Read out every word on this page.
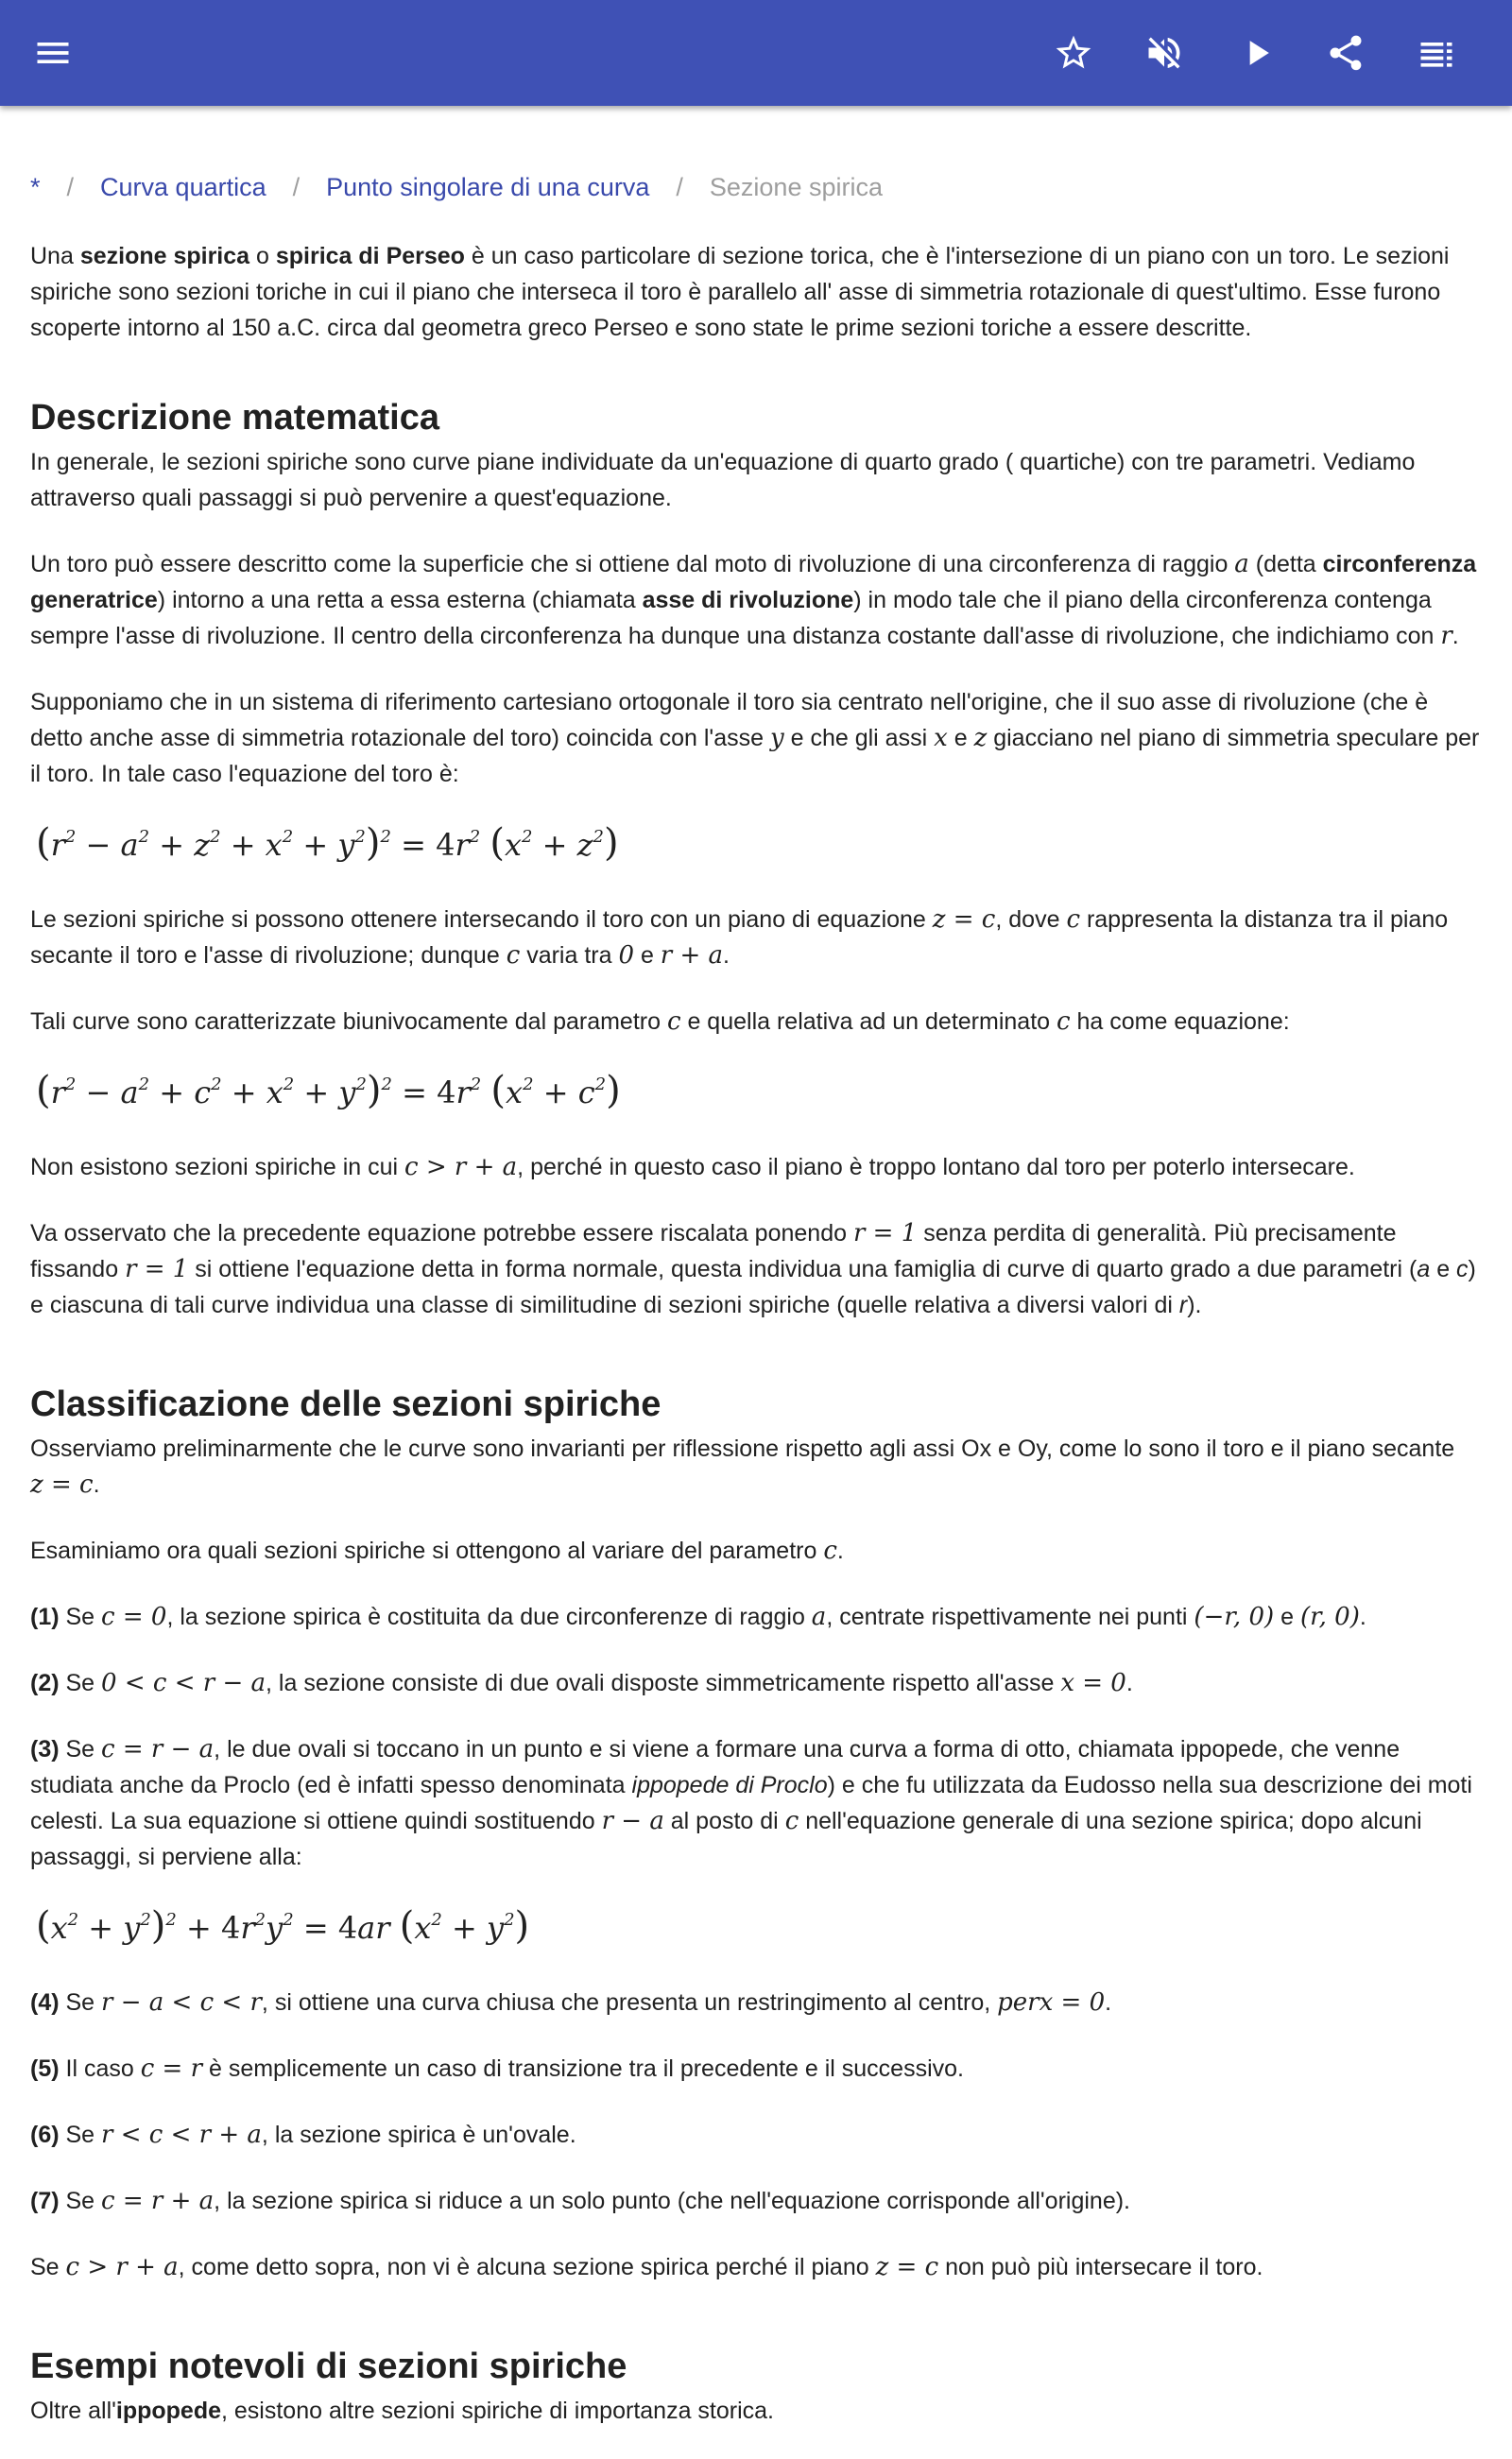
* / Curva quartica / Punto singolare di una curva / Sezione spirica

Una sezione spirica o spirica di Perseo è un caso particolare di sezione torica, che è l'intersezione di un piano con un toro. Le sezioni spiriche sono sezioni toriche in cui il piano che interseca il toro è parallelo all' asse di simmetria rotazionale di quest'ultimo. Esse furono scoperte intorno al 150 a.C. circa dal geometra greco Perseo e sono state le prime sezioni toriche a essere descritte.

Descrizione matematica

In generale, le sezioni spiriche sono curve piane individuate da un'equazione di quarto grado ( quartiche) con tre parametri. Vediamo attraverso quali passaggi si può pervenire a quest'equazione.

Un toro può essere descritto come la superficie che si ottiene dal moto di rivoluzione di una circonferenza di raggio a (detta circonferenza generatrice) intorno a una retta a essa esterna (chiamata asse di rivoluzione) in modo tale che il piano della circonferenza contenga sempre l'asse di rivoluzione. Il centro della circonferenza ha dunque una distanza costante dall'asse di rivoluzione, che indichiamo con r.

Supponiamo che in un sistema di riferimento cartesiano ortogonale il toro sia centrato nell'origine, che il suo asse di rivoluzione (che è detto anche asse di simmetria rotazionale del toro) coincida con l'asse y e che gli assi x e z giacciano nel piano di simmetria speculare per il toro. In tale caso l'equazione del toro è:

$(r^2 - a^2 + z^2 + x^2 + y^2)^2 = 4r^2$ $(x^2 + z^2)$

Le sezioni spiriche si possono ottenere intersecando il toro con un piano di equazione z = c, dove c rappresenta la distanza tra il piano secante il toro e l'asse di rivoluzione; dunque c varia tra 0 e r + a.

Tali curve sono caratterizzate biunivocamente dal parametro c e quella relativa ad un determinato c ha come equazione:

$(r^2 - a^2 + c^2 + x^2 + y^2)^2 = 4r^2$ $(x^2 + c^2)$

Non esistono sezioni spiriche in cui c > r + a, perché in questo caso il piano è troppo lontano dal toro per poterlo intersecare.

Va osservato che la precedente equazione potrebbe essere riscalata ponendo r = 1 senza perdita di generalità. Più precisamente fissando r = 1 si ottiene l'equazione detta in forma normale, questa individua una famiglia di curve di quarto grado a due parametri (a e c) e ciascuna di tali curve individua una classe di similitudine di sezioni spiriche (quelle relativa a diversi valori di r).

Classificazione delle sezioni spiriche

Osserviamo preliminarmente che le curve sono invarianti per riflessione rispetto agli assi Ox e Oy, come lo sono il toro e il piano secante z = c.

Esaminiamo ora quali sezioni spiriche si ottengono al variare del parametro c.

(1) Se c = 0, la sezione spirica è costituita da due circonferenze di raggio a, centrate rispettivamente nei punti (−r, 0) e (r, 0).

(2) Se 0 < c < r − a, la sezione consiste di due ovali disposte simmetricamente rispetto all'asse x = 0.

(3) Se c = r − a, le due ovali si toccano in un punto e si viene a formare una curva a forma di otto, chiamata ippopede, che venne studiata anche da Proclo (ed è infatti spesso denominata ippopede di Proclo) e che fu utilizzata da Eudosso nella sua descrizione dei moti celesti. La sua equazione si ottiene quindi sostituendo r − a al posto di c nell'equazione generale di una sezione spirica; dopo alcuni passaggi, si perviene alla:

$(x^2 + y^2)^2 + 4r^2y^2 = 4ar$ $(x^2 + y^2)$

(4) Se r − a < c < r, si ottiene una curva chiusa che presenta un restringimento al centro, perx = 0.

(5) Il caso c = r è semplicemente un caso di transizione tra il precedente e il successivo.

(6) Se r < c < r + a, la sezione spirica è un'ovale.

(7) Se c = r + a, la sezione spirica si riduce a un solo punto (che nell'equazione corrisponde all'origine).

Se c > r + a, come detto sopra, non vi è alcuna sezione spirica perché il piano z = c non può più intersecare il toro.

Esempi notevoli di sezioni spiriche

Oltre all'ippopede, esistono altre sezioni spiriche di importanza storica.
